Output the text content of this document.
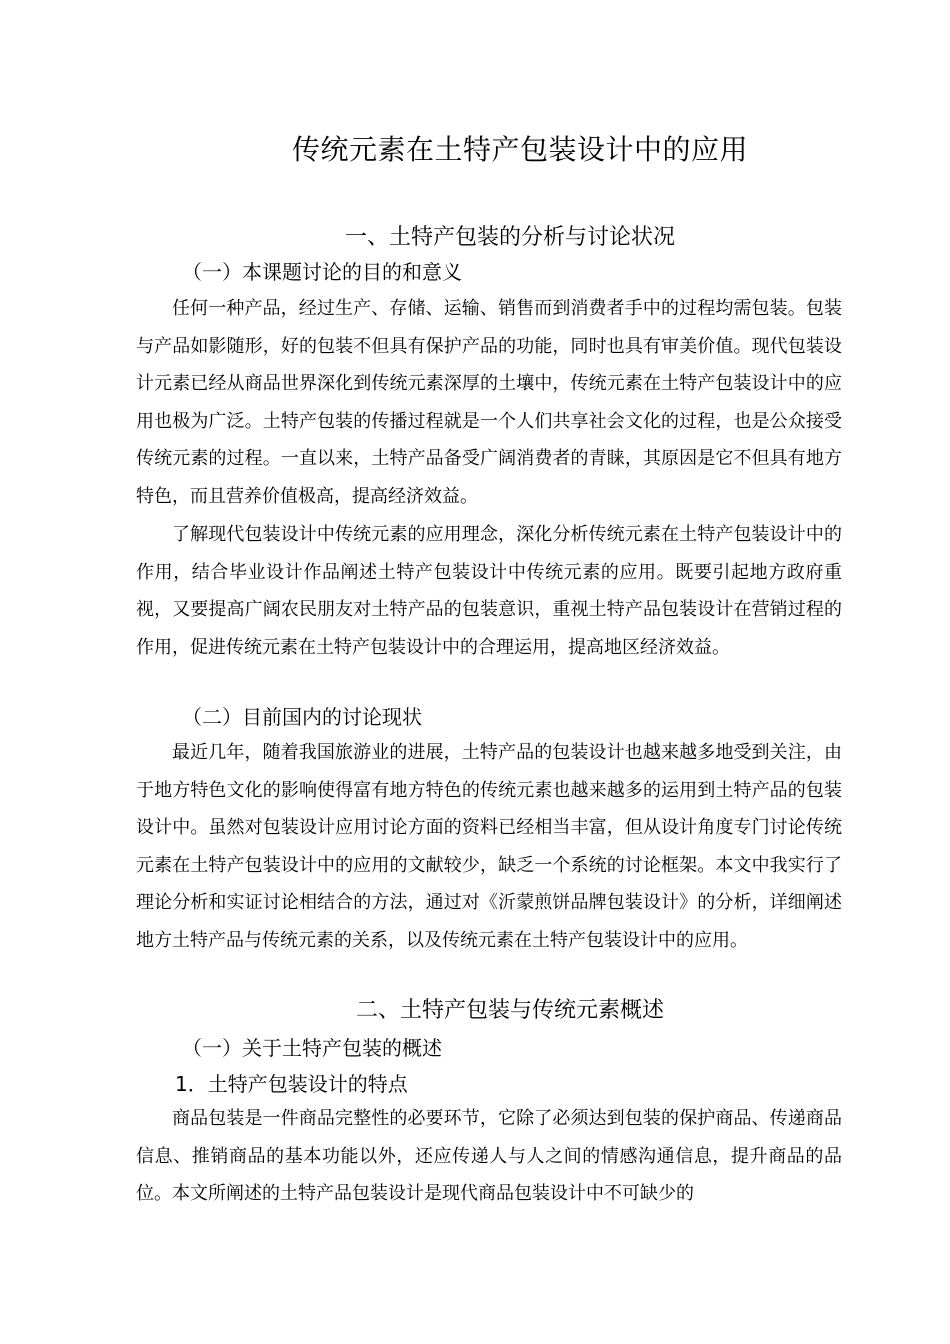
传统元素在土特产包装设计中的应用
一、土特产包装的分析与讨论状况
（一）本课题讨论的目的和意义

任何一种产品，经过生产、存储、运输、销售而到消费者手中的过程均需包装。包装与产品如影随形，好的包装不但具有保护产品的功能，同时也具有审美价值。现代包装设计元素已经从商品世界深化到传统元素深厚的土壤中，传统元素在土特产包装设计中的应用也极为广泛。土特产包装的传播过程就是一个人们共享社会文化的过程，也是公众接受传统元素的过程。一直以来，土特产品备受广阔消费者的青睐，其原因是它不但具有地方特色，而且营养价值极高，提高经济效益。

了解现代包装设计中传统元素的应用理念，深化分析传统元素在土特产包装设计中的作用，结合毕业设计作品阐述土特产包装设计中传统元素的应用。既要引起地方政府重视，又要提高广阔农民朋友对土特产品的包装意识，重视土特产品包装设计在营销过程的作用，促进传统元素在土特产包装设计中的合理运用，提高地区经济效益。

（二）目前国内的讨论现状

最近几年，随着我国旅游业的进展，土特产品的包装设计也越来越多地受到关注，由于地方特色文化的影响使得富有地方特色的传统元素也越来越多的运用到土特产品的包装设计中。虽然对包装设计应用讨论方面的资料已经相当丰富，但从设计角度专门讨论传统元素在土特产包装设计中的应用的文献较少，缺乏一个系统的讨论框架。本文中我实行了理论分析和实证讨论相结合的方法，通过对《沂蒙煎饼品牌包装设计》的分析，详细阐述地方土特产品与传统元素的关系，以及传统元素在土特产包装设计中的应用。

二、土特产包装与传统元素概述
（一）关于土特产包装的概述
1．土特产包装设计的特点

商品包装是一件商品完整性的必要环节，它除了必须达到包装的保护商品、传递商品信息、推销商品的基本功能以外，还应传递人与人之间的情感沟通信息，提升商品的品位。本文所阐述的土特产品包装设计是现代商品包装设计中不可缺少的
